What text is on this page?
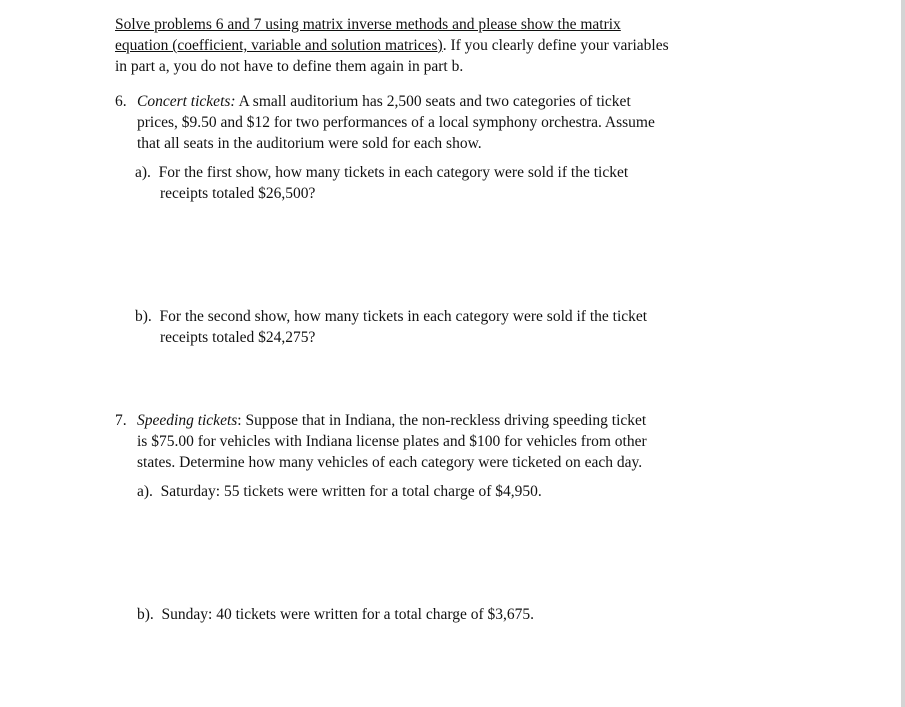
Solve problems 6 and 7 using matrix inverse methods and please show the matrix
equation (coefficient, variable and solution matrices). If you clearly define your variables
in part a, you do not have to define them again in part b.
6. Concert tickets: A small auditorium has 2,500 seats and two categories of ticket
prices, $9.50 and $12 for two performances of a local symphony orchestra. Assume
that all seats in the auditorium were sold for each show.
a). For the first show, how many tickets in each category were sold if the ticket
receipts totaled $26,500?
b). For the second show, how many tickets in each category were sold if the ticket
receipts totaled $24,275?
7. Speeding tickets: Suppose that in Indiana, the non-reckless driving speeding ticket
is $75.00 for vehicles with Indiana license plates and $100 for vehicles from other
states. Determine how many vehicles of each category were ticketed on each day.
a). Saturday: 55 tickets were written for a total charge of $4,950.
b). Sunday: 40 tickets were written for a total charge of $3,675.
